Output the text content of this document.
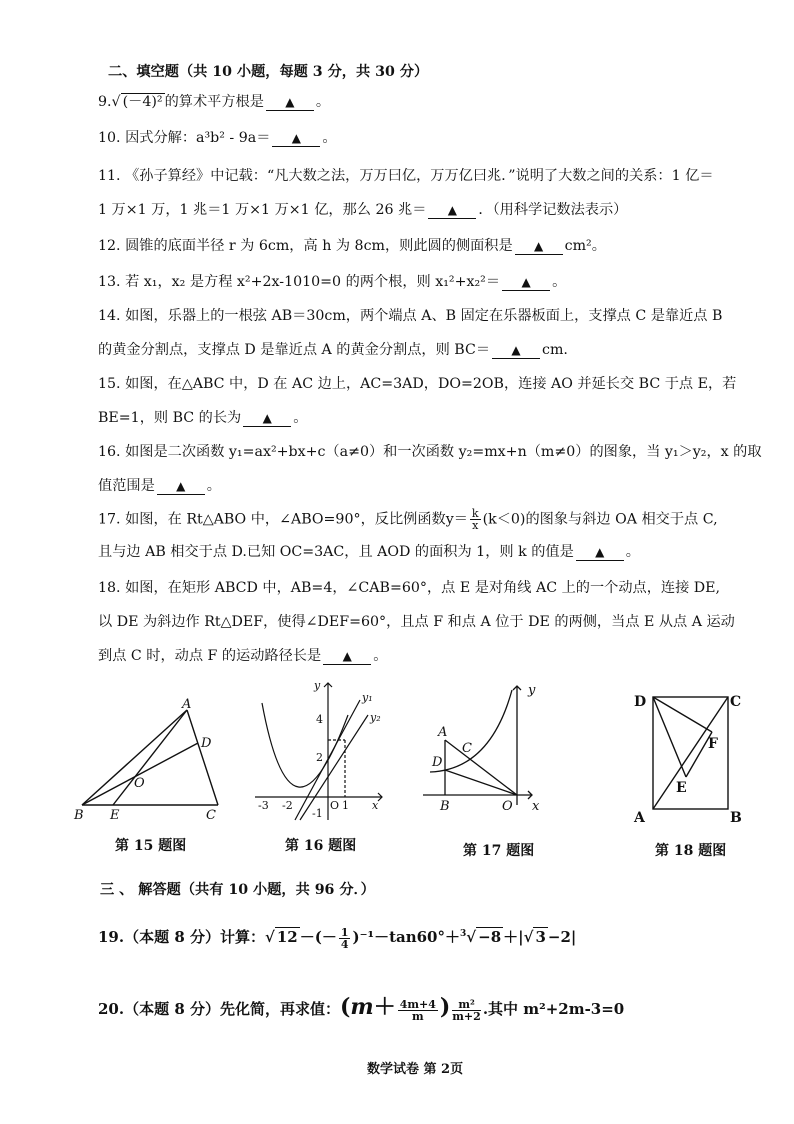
二、填空题（共 10 小题，每题 3 分，共 30 分）
9.√ (－4)² 的算术平方根是 ▲ 。
10. 因式分解：a³b² - 9a＝ ▲ 。
11. 《孙子算经》中记载：“凡大数之法，万万曰亿，万万亿曰兆．”说明了大数之间的关系：1 亿＝
1 万×1 万，1 兆＝1 万×1 万×1 亿，那么 26 兆＝ ▲ ．（用科学记数法表示）
12. 圆锥的底面半径 r 为 6cm，高 h 为 8cm，则此圆的侧面积是 ▲ cm²。
13. 若 x₁，x₂ 是方程 x²+2x-1010=0 的两个根，则 x₁²+x₂²＝ ▲ 。
14. 如图，乐器上的一根弦 AB＝30cm，两个端点 A、B 固定在乐器板面上，支撑点 C 是靠近点 B
的黄金分割点，支撑点 D 是靠近点 A 的黄金分割点，则 BC＝ ▲ cm.
15. 如图，在△ABC 中，D 在 AC 边上，AC=3AD，DO=2OB，连接 AO 并延长交 BC 于点 E，若
BE=1，则 BC 的长为 ▲ 。
16. 如图是二次函数 y₁=ax²+bx+c（a≠0）和一次函数 y₂=mx+n（m≠0）的图象，当 y₁＞y₂，x 的取
值范围是 ▲ 。
17. 如图，在 Rt△ABO 中，∠ABO=90°，反比例函数$y= \frac{k}{x} (k<0)$的图象与斜边 OA 相交于点 C,
且与边 AB 相交于点 D.已知 OC=3AC，且 AOD 的面积为 1，则 k 的值是 ▲ 。
18. 如图，在矩形 ABCD 中，AB=4，∠CAB=60°，点 E 是对角线 AC 上的一个动点，连接 DE,
以 DE 为斜边作 Rt△DEF，使得∠DEF=60°，且点 F 和点 A 位于 DE 的两侧，当点 E 从点 A 运动
到点 C 时，动点 F 的运动路径长是 ▲ 。
A
D
O
B E	C
第 15 题图
y
y₁
y₂
4
2
-3 -2	O 1
-1
x
第 16 题图
y
A
C
D
B	O x
第 17 题图
D	C
F
E
A	B
第 18 题图
三 、 解答题（共有 10 小题，共 96 分．）
19.（本题 8 分）计算：√ 12 －(－ $\frac{1}{4} )^{-1}-\tan 60^\circ+^3√ -8$ ＋|√ 3 −2|
20.（本题 8 分）先化简，再求值：($m+ \frac{4m+4}{m}$ ) $\frac{\text{m²}}{m+2}$ .其中 m²+2m-3=0
数学试卷 第 2页
